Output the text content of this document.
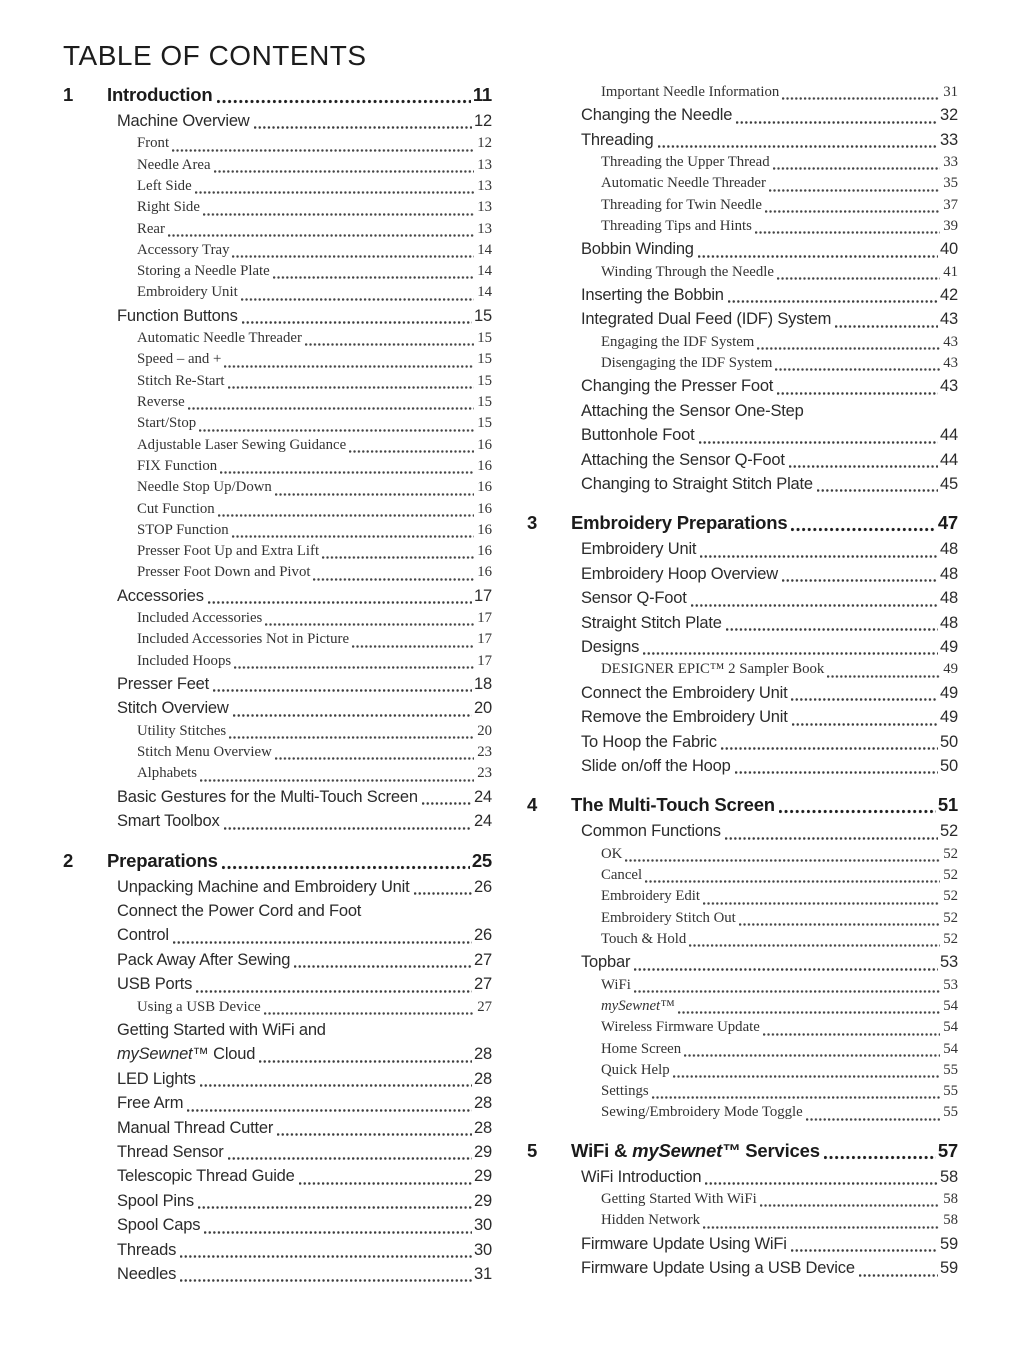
TABLE OF CONTENTS
1	Introduction	11
Machine Overview	12
Front	12
Needle Area	13
Left Side	13
Right Side	13
Rear	13
Accessory Tray	14
Storing a Needle Plate	14
Embroidery Unit	14
Function Buttons	15
Automatic Needle Threader	15
Speed – and +	15
Stitch Re-Start	15
Reverse	15
Start/Stop	15
Adjustable Laser Sewing Guidance	16
FIX Function	16
Needle Stop Up/Down	16
Cut Function	16
STOP Function	16
Presser Foot Up and Extra Lift	16
Presser Foot Down and Pivot	16
Accessories	17
Included Accessories	17
Included Accessories Not in Picture	17
Included Hoops	17
Presser Feet	18
Stitch Overview	20
Utility Stitches	20
Stitch Menu Overview	23
Alphabets	23
Basic Gestures for the Multi-Touch Screen	24
Smart Toolbox	24
2	Preparations	25
Unpacking Machine and Embroidery Unit	26
Connect the Power Cord and Foot
Control	26
Pack Away After Sewing	27
USB Ports	27
Using a USB Device	27
Getting Started with WiFi and
mySewnet™ Cloud	28
LED Lights	28
Free Arm	28
Manual Thread Cutter	28
Thread Sensor	29
Telescopic Thread Guide	29
Spool Pins	29
Spool Caps	30
Threads	30
Needles	31
Important Needle Information	31
Changing the Needle	32
Threading	33
Threading the Upper Thread	33
Automatic Needle Threader	35
Threading for Twin Needle	37
Threading Tips and Hints	39
Bobbin Winding	40
Winding Through the Needle	41
Inserting the Bobbin	42
Integrated Dual Feed (IDF) System	43
Engaging the IDF System	43
Disengaging the IDF System	43
Changing the Presser Foot	43
Attaching the Sensor One-Step
Buttonhole Foot	44
Attaching the Sensor Q-Foot	44
Changing to Straight Stitch Plate	45
3	Embroidery Preparations	47
Embroidery Unit	48
Embroidery Hoop Overview	48
Sensor Q-Foot	48
Straight Stitch Plate	48
Designs	49
DESIGNER EPIC™ 2 Sampler Book	49
Connect the Embroidery Unit	49
Remove the Embroidery Unit	49
To Hoop the Fabric	50
Slide on/off the Hoop	50
4	The Multi-Touch Screen	51
Common Functions	52
OK	52
Cancel	52
Embroidery Edit	52
Embroidery Stitch Out	52
Touch & Hold	52
Topbar	53
WiFi	53
mySewnet™	54
Wireless Firmware Update	54
Home Screen	54
Quick Help	55
Settings	55
Sewing/Embroidery Mode Toggle	55
5	WiFi & mySewnet™ Services	57
WiFi Introduction	58
Getting Started With WiFi	58
Hidden Network	58
Firmware Update Using WiFi	59
Firmware Update Using a USB Device	59
